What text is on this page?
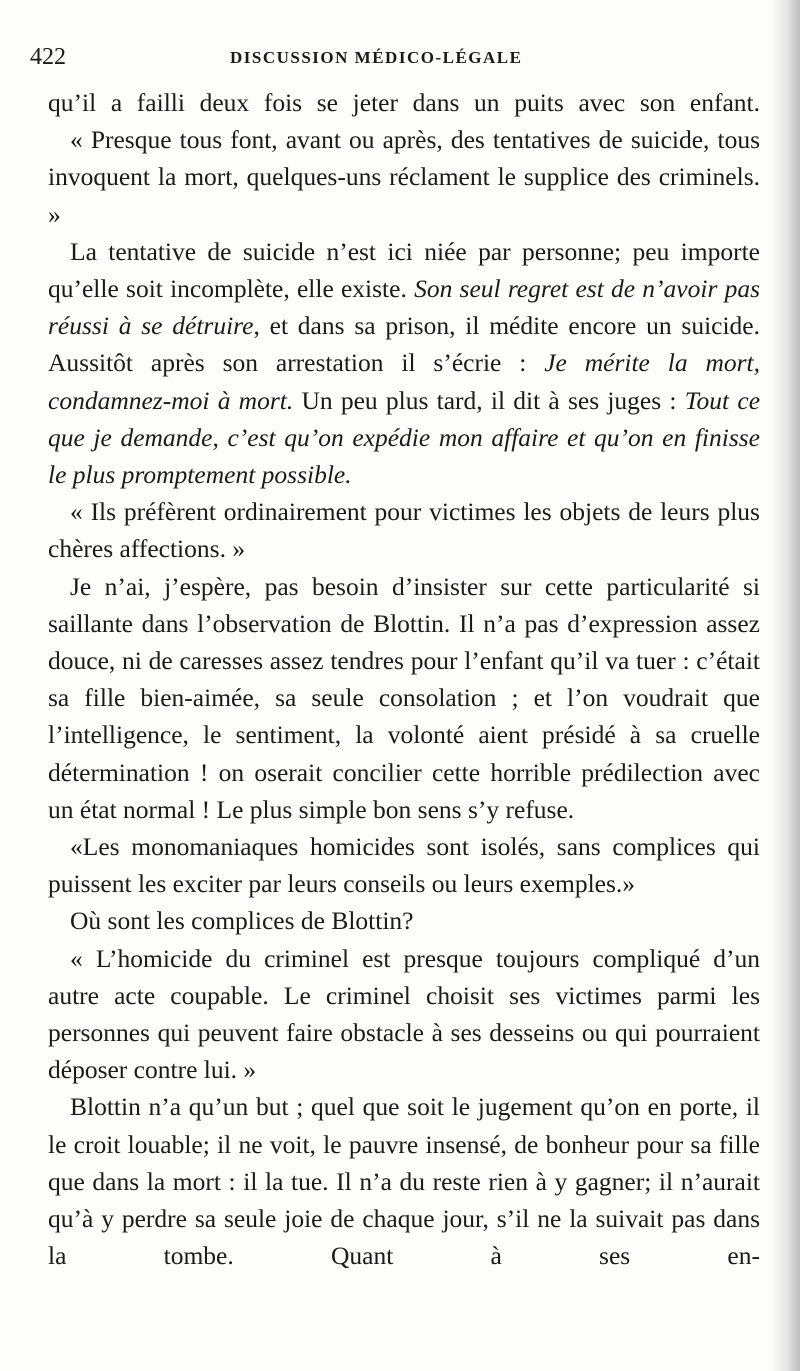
422	DISCUSSION MÉDICO-LÉGALE

qu’il a failli deux fois se jeter dans un puits avec son enfant.

« Presque tous font, avant ou après, des tentatives de suicide, tous invoquent la mort, quelques-uns réclament le supplice des criminels. »

La tentative de suicide n’est ici niée par personne; peu importe qu’elle soit incomplète, elle existe. Son seul regret est de n’avoir pas réussi à se détruire, et dans sa prison, il médite encore un suicide. Aussitôt après son arrestation il s’écrie : Je mérite la mort, condamnez-moi à mort. Un peu plus tard, il dit à ses juges : Tout ce que je demande, c’est qu’on expédie mon affaire et qu’on en finisse le plus promptement possible.

« Ils préfèrent ordinairement pour victimes les objets de leurs plus chères affections. »

Je n’ai, j’espère, pas besoin d’insister sur cette particularité si saillante dans l’observation de Blottin. Il n’a pas d’expression assez douce, ni de caresses assez tendres pour l’enfant qu’il va tuer : c’était sa fille bien-aimée, sa seule consolation ; et l’on voudrait que l’intelligence, le sentiment, la volonté aient présidé à sa cruelle détermination ! on oserait concilier cette horrible prédilection avec un état normal ! Le plus simple bon sens s’y refuse.

«Les monomaniaques homicides sont isolés, sans complices qui puissent les exciter par leurs conseils ou leurs exemples.»

Où sont les complices de Blottin?

« L’homicide du criminel est presque toujours compliqué d’un autre acte coupable. Le criminel choisit ses victimes parmi les personnes qui peuvent faire obstacle à ses desseins ou qui pourraient déposer contre lui. »

Blottin n’a qu’un but ; quel que soit le jugement qu’on en porte, il le croit louable; il ne voit, le pauvre insensé, de bonheur pour sa fille que dans la mort : il la tue. Il n’a du reste rien à y gagner; il n’aurait qu’à y perdre sa seule joie de chaque jour, s’il ne la suivait pas dans la tombe. Quant à ses en-
